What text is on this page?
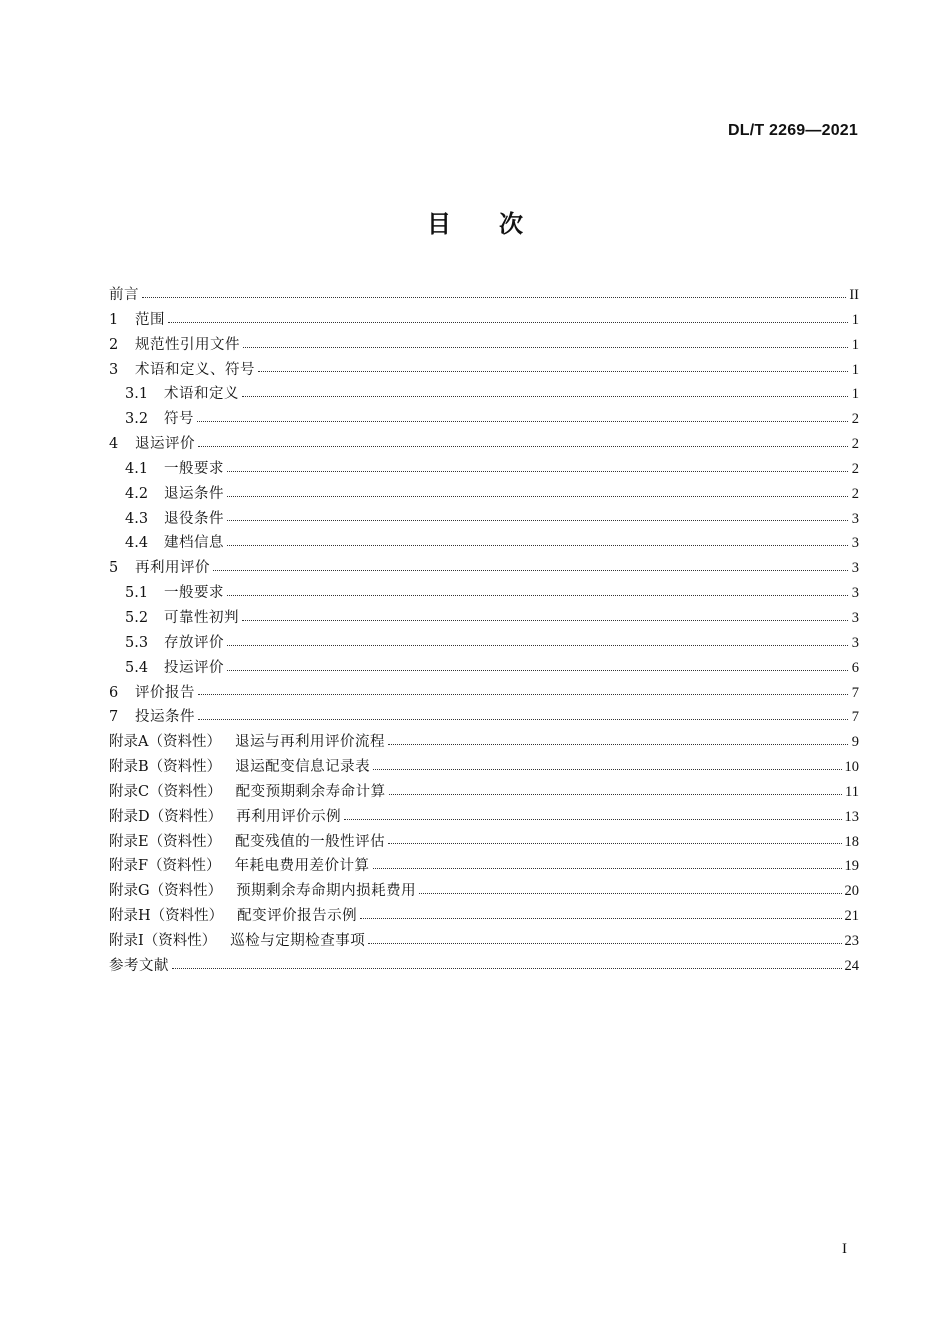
DL/T 2269—2021
目次
前言	II
1	范围	1
2	规范性引用文件	1
3	术语和定义、符号	1
3.1	术语和定义	1
3.2	符号	2
4	退运评价	2
4.1	一般要求	2
4.2	退运条件	2
4.3	退役条件	3
4.4	建档信息	3
5	再利用评价	3
5.1	一般要求	3
5.2	可靠性初判	3
5.3	存放评价	3
5.4	投运评价	6
6	评价报告	7
7	投运条件	7
附录A（资料性） 退运与再利用评价流程	9
附录B（资料性） 退运配变信息记录表	10
附录C（资料性） 配变预期剩余寿命计算	11
附录D（资料性） 再利用评价示例	13
附录E（资料性） 配变残值的一般性评估	18
附录F（资料性） 年耗电费用差价计算	19
附录G（资料性） 预期剩余寿命期内损耗费用	20
附录H（资料性） 配变评价报告示例	21
附录I（资料性） 巡检与定期检查事项	23
参考文献	24
I
